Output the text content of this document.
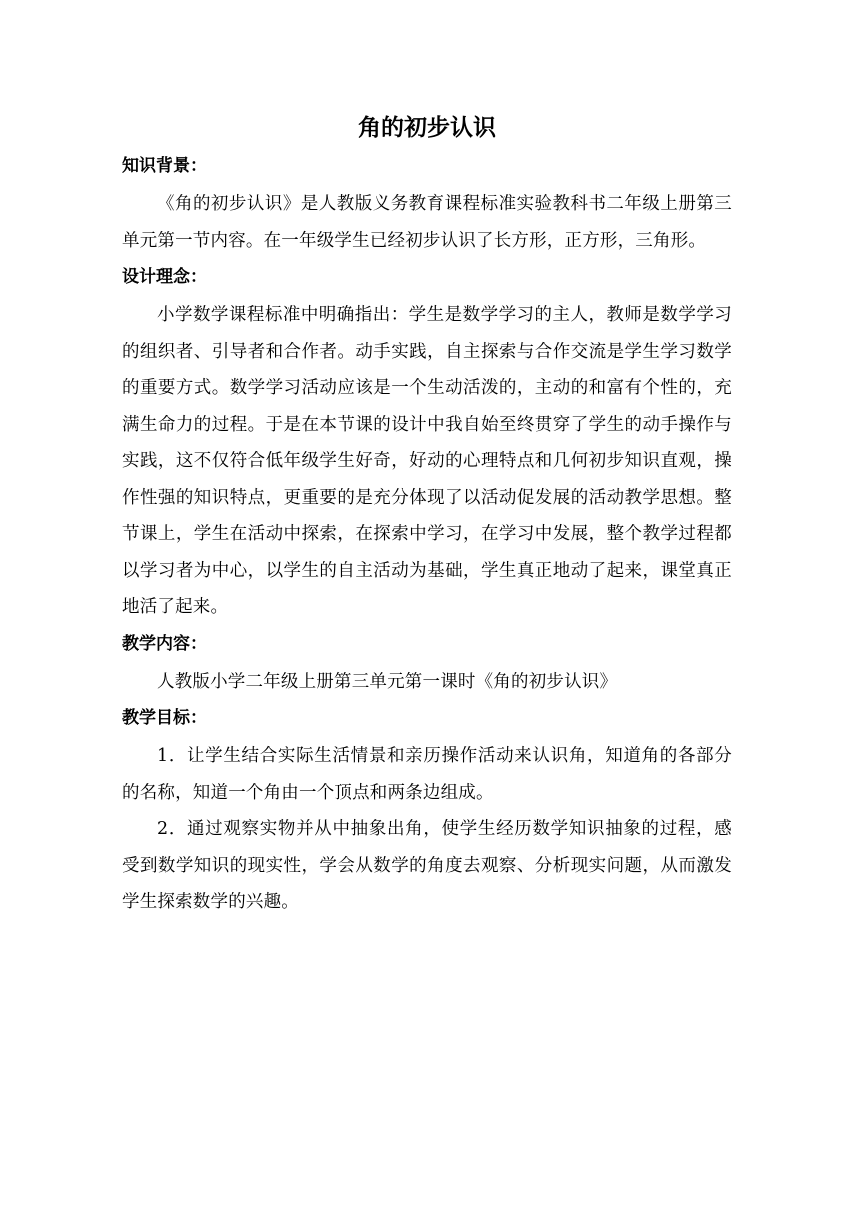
角的初步认识
知识背景：

《角的初步认识》是人教版义务教育课程标准实验教科书二年级上册第三单元第一节内容。在一年级学生已经初步认识了长方形，正方形，三角形。

设计理念：

小学数学课程标准中明确指出：学生是数学学习的主人，教师是数学学习的组织者、引导者和合作者。动手实践，自主探索与合作交流是学生学习数学的重要方式。数学学习活动应该是一个生动活泼的，主动的和富有个性的，充满生命力的过程。于是在本节课的设计中我自始至终贯穿了学生的动手操作与实践，这不仅符合低年级学生好奇，好动的心理特点和几何初步知识直观，操作性强的知识特点，更重要的是充分体现了以活动促发展的活动教学思想。整节课上，学生在活动中探索，在探索中学习，在学习中发展，整个教学过程都以学习者为中心，以学生的自主活动为基础，学生真正地动了起来，课堂真正地活了起来。

教学内容：

人教版小学二年级上册第三单元第一课时《角的初步认识》

教学目标：

1．让学生结合实际生活情景和亲历操作活动来认识角，知道角的各部分的名称，知道一个角由一个顶点和两条边组成。

2．通过观察实物并从中抽象出角，使学生经历数学知识抽象的过程，感受到数学知识的现实性，学会从数学的角度去观察、分析现实问题，从而激发学生探索数学的兴趣。
